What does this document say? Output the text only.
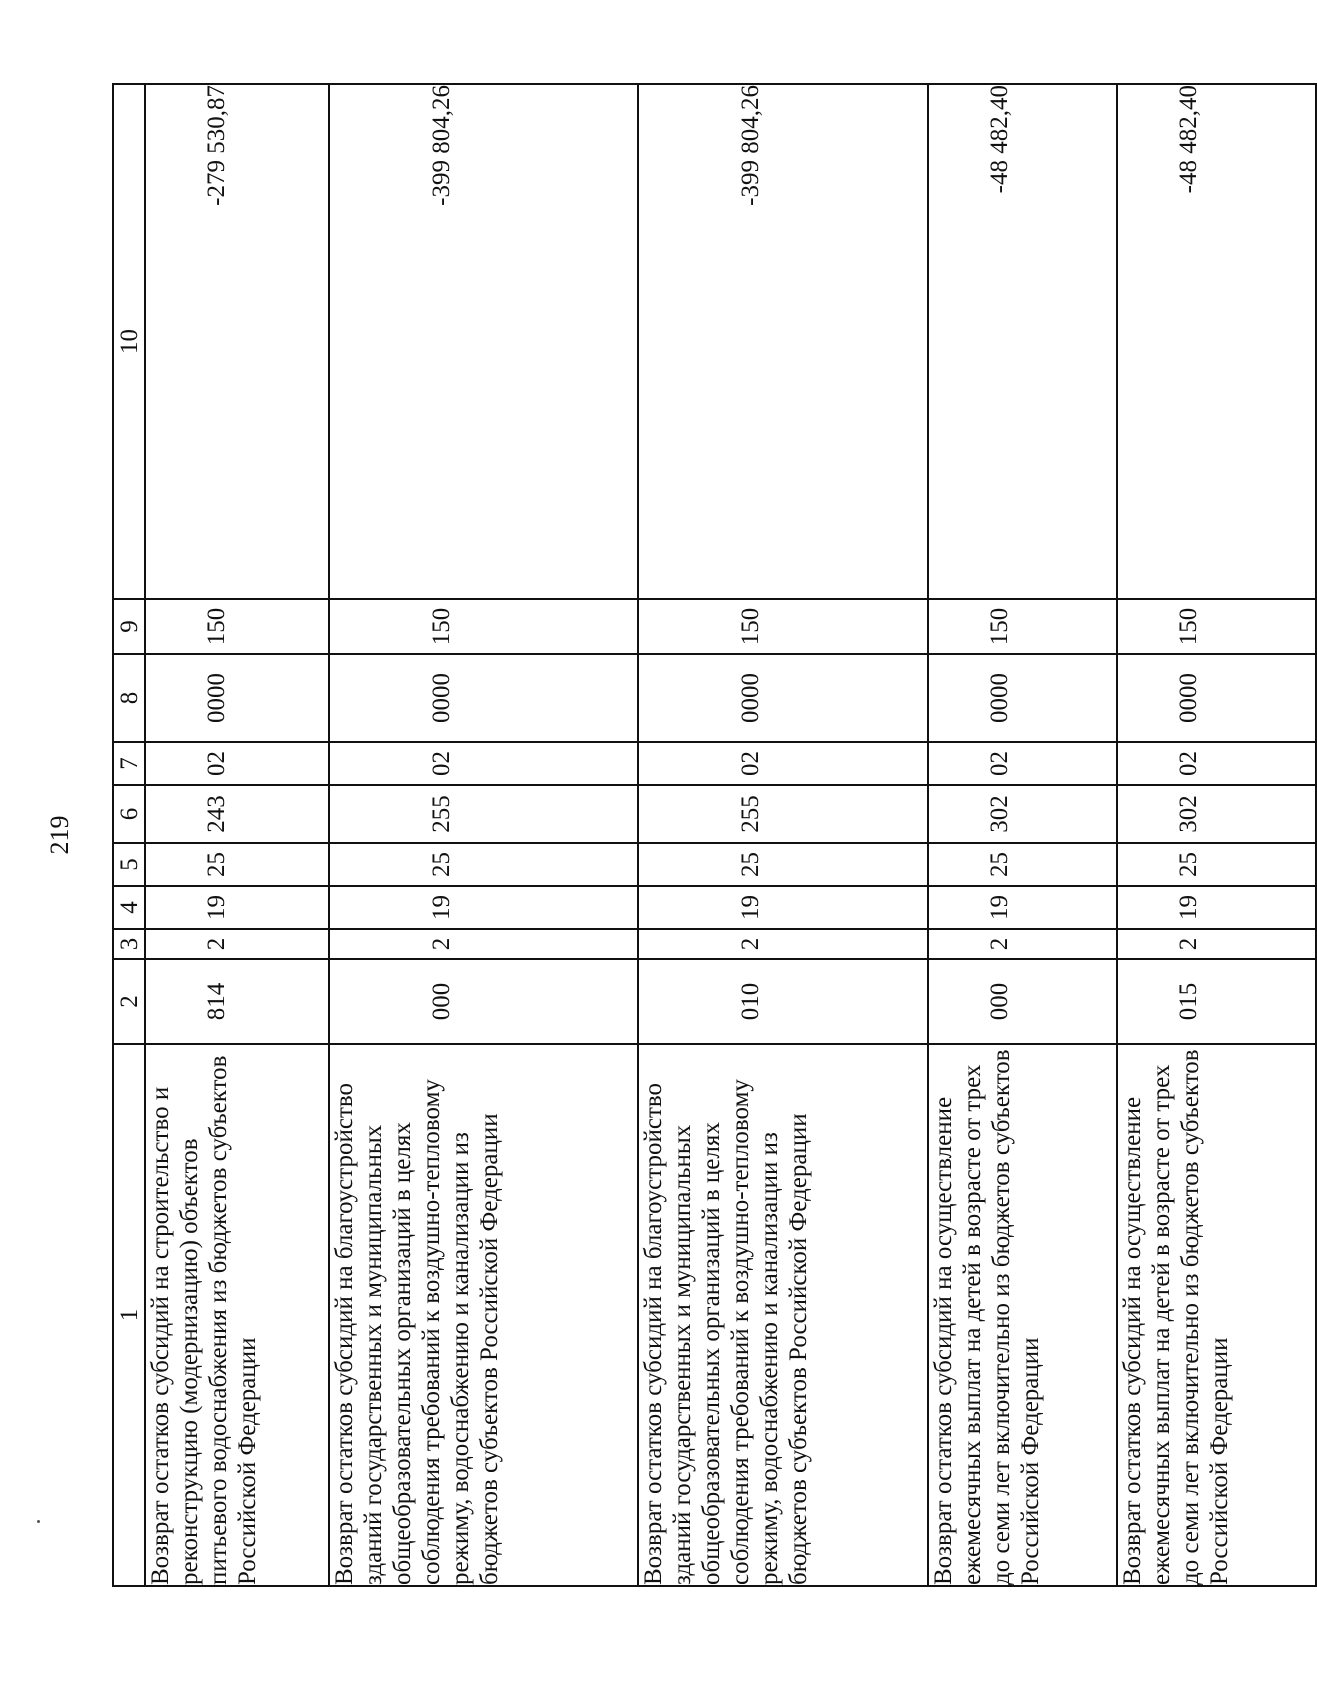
219
1	2	3	4	5	6	7	8	9	10
Возврат остатков субсидий на строительство и реконструкцию (модернизацию) объектов питьевого водоснабжения из бюджетов субъектов Российской Федерации	814	2	19	25	243	02	0000	150	-279 530,87
Возврат остатков субсидий на благоустройство зданий государственных и муниципальных общеобразовательных организаций в целях соблюдения требований к воздушно-тепловому режиму, водоснабжению и канализации из бюджетов субъектов Российской Федерации	000	2	19	25	255	02	0000	150	-399 804,26
Возврат остатков субсидий на благоустройство зданий государственных и муниципальных общеобразовательных организаций в целях соблюдения требований к воздушно-тепловому режиму, водоснабжению и канализации из бюджетов субъектов Российской Федерации	010	2	19	25	255	02	0000	150	-399 804,26
Возврат остатков субсидий на осуществление ежемесячных выплат на детей в возрасте от трех до семи лет включительно из бюджетов субъектов Российской Федерации	000	2	19	25	302	02	0000	150	-48 482,40
Возврат остатков субсидий на осуществление ежемесячных выплат на детей в возрасте от трех до семи лет включительно из бюджетов субъектов Российской Федерации	015	2	19	25	302	02	0000	150	-48 482,40
